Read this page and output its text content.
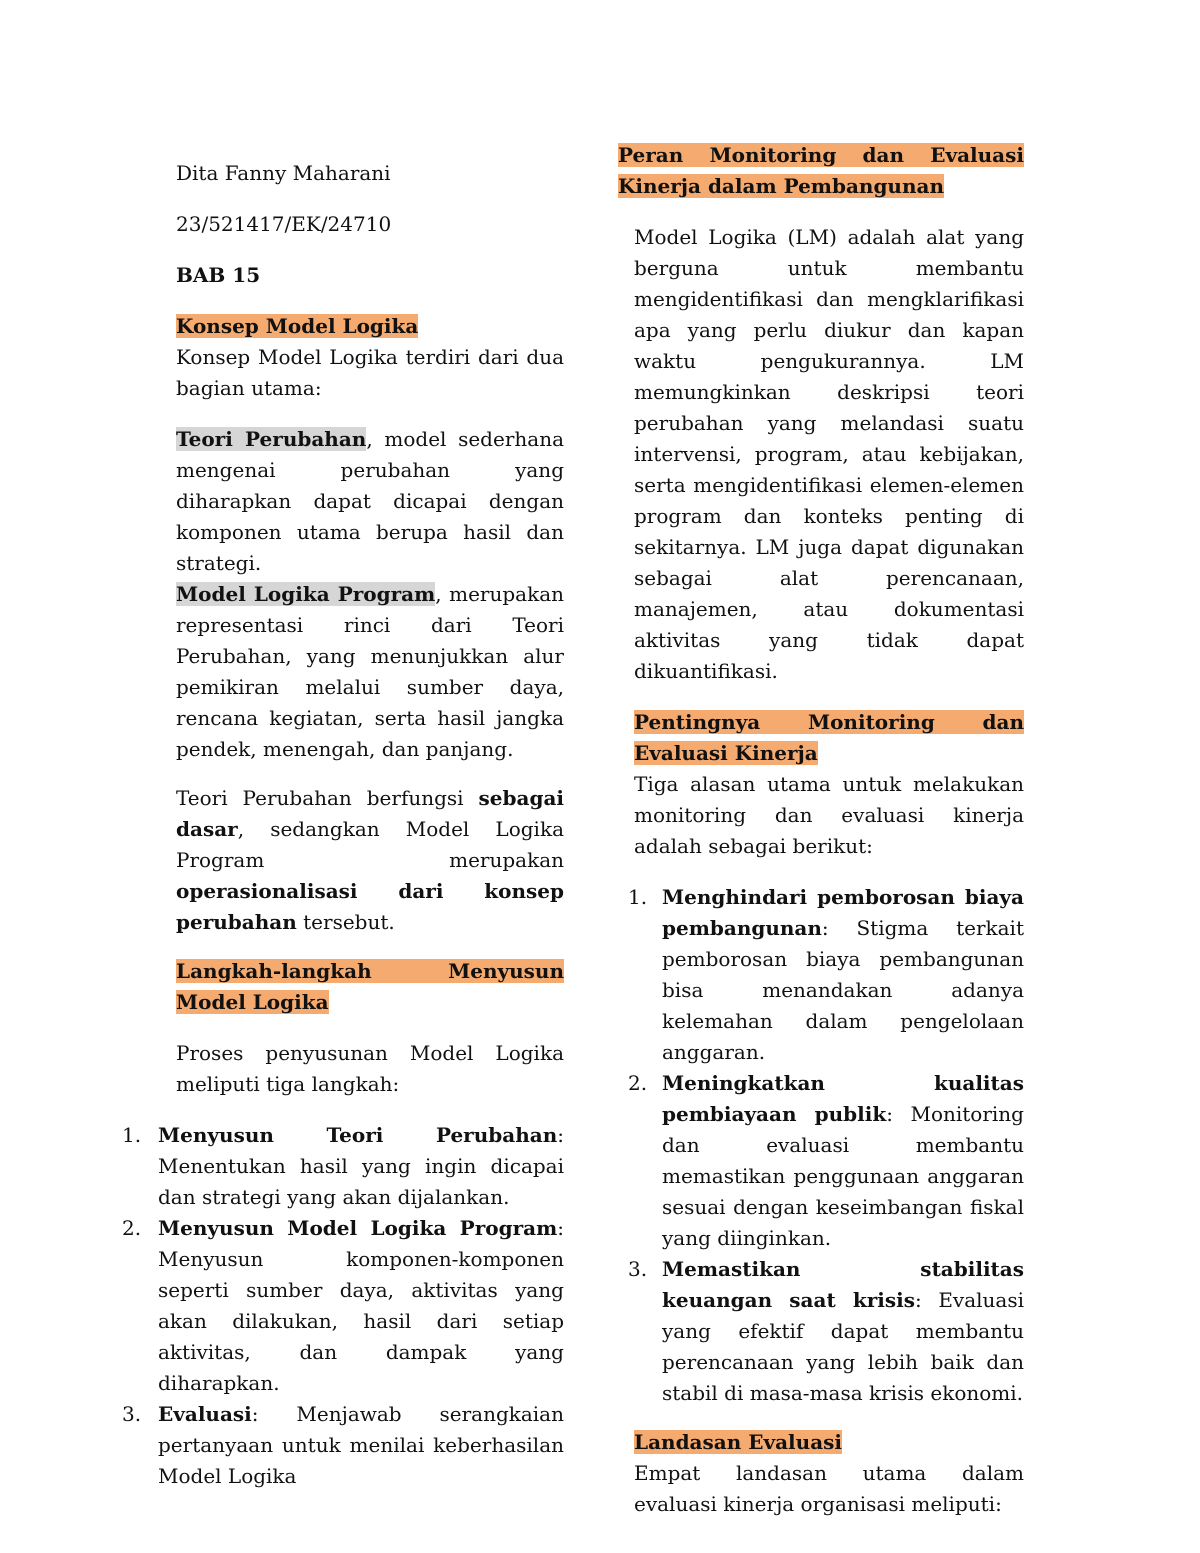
Dita Fanny Maharani

23/521417/EK/24710

BAB 15

Konsep Model Logika

Konsep Model Logika terdiri dari dua bagian utama:

Teori Perubahan, model sederhana mengenai perubahan yang diharapkan dapat dicapai dengan komponen utama berupa hasil dan strategi.

Model Logika Program, merupakan representasi rinci dari Teori Perubahan, yang menunjukkan alur pemikiran melalui sumber daya, rencana kegiatan, serta hasil jangka pendek, menengah, dan panjang.

Teori Perubahan berfungsi sebagai dasar, sedangkan Model Logika Program merupakan operasionalisasi dari konsep perubahan tersebut.

Langkah-langkah Menyusun Model Logika

Proses penyusunan Model Logika meliputi tiga langkah:

1. Menyusun Teori Perubahan: Menentukan hasil yang ingin dicapai dan strategi yang akan dijalankan.
2. Menyusun Model Logika Program: Menyusun komponen-komponen seperti sumber daya, aktivitas yang akan dilakukan, hasil dari setiap aktivitas, dan dampak yang diharapkan.
3. Evaluasi: Menjawab serangkaian pertanyaan untuk menilai keberhasilan Model Logika

Peran Monitoring dan Evaluasi Kinerja dalam Pembangunan

Model Logika (LM) adalah alat yang berguna untuk membantu mengidentifikasi dan mengklarifikasi apa yang perlu diukur dan kapan waktu pengukurannya. LM memungkinkan deskripsi teori perubahan yang melandasi suatu intervensi, program, atau kebijakan, serta mengidentifikasi elemen-elemen program dan konteks penting di sekitarnya. LM juga dapat digunakan sebagai alat perencanaan, manajemen, atau dokumentasi aktivitas yang tidak dapat dikuantifikasi.

Pentingnya Monitoring dan Evaluasi Kinerja

Tiga alasan utama untuk melakukan monitoring dan evaluasi kinerja adalah sebagai berikut:

1. Menghindari pemborosan biaya pembangunan: Stigma terkait pemborosan biaya pembangunan bisa menandakan adanya kelemahan dalam pengelolaan anggaran.
2. Meningkatkan kualitas pembiayaan publik: Monitoring dan evaluasi membantu memastikan penggunaan anggaran sesuai dengan keseimbangan fiskal yang diinginkan.
3. Memastikan stabilitas keuangan saat krisis: Evaluasi yang efektif dapat membantu perencanaan yang lebih baik dan stabil di masa-masa krisis ekonomi.

Landasan Evaluasi

Empat landasan utama dalam evaluasi kinerja organisasi meliputi:
